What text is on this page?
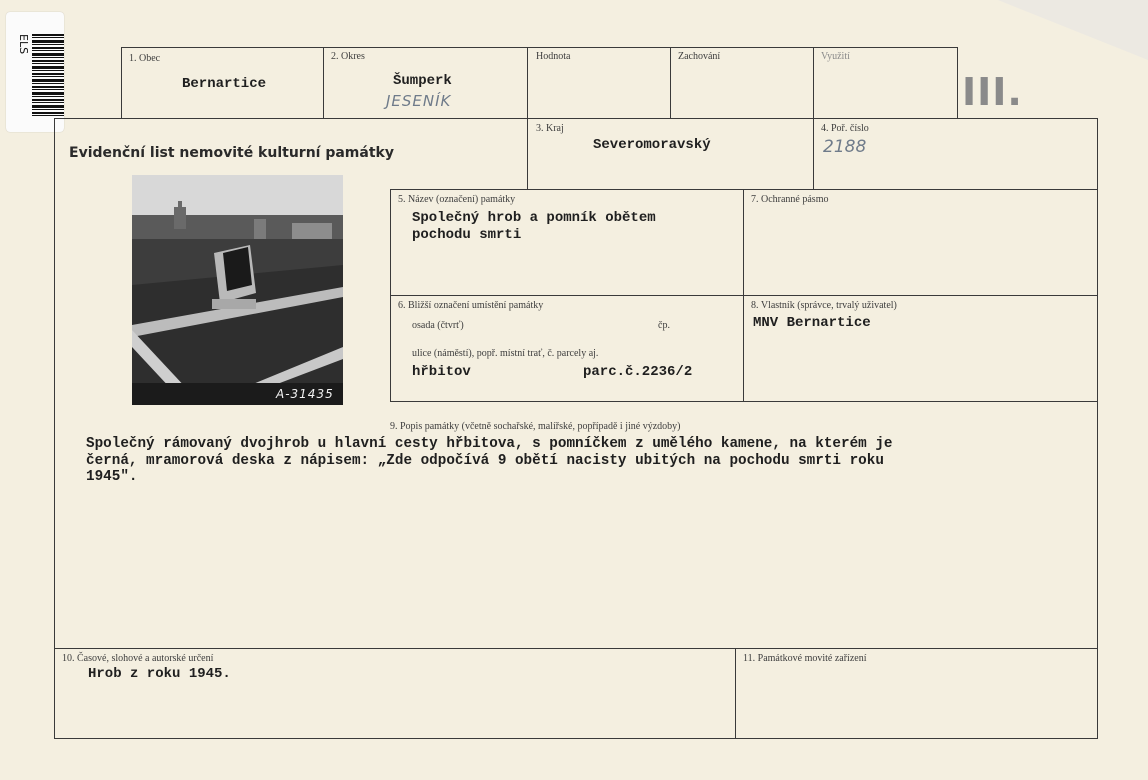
ELS
1. Obec
Bernartice
2. Okres
Šumperk
JESENÍK
Hodnota	Zachování	Využití
III.
Evidenční list nemovité kulturní památky
3. Kraj
Severomoravský
4. Poř. číslo
2188
5. Název (označení) památky
Společný hrob a pomník obětem
pochodu smrti
7. Ochranné pásmo
6. Bližší označení umístění památky
osada (čtvrť)	čp.
ulice (náměstí), popř. místní trať, č. parcely aj.
hřbitov	parc.č.2236/2
8. Vlastník (správce, trvalý uživatel)
MNV Bernartice
A-31435
9. Popis památky (včetně sochařské, malířské, popřípadě i jiné výzdoby)
Společný rámovaný dvojhrob u hlavní cesty hřbitova, s pomníčkem z umělého kamene, na kterém je
černá, mramorová deska z nápisem: „Zde odpočívá 9 obětí nacisty ubitých na pochodu smrti roku
1945".
10. Časové, slohové a autorské určení
Hrob z roku 1945.
11. Památkové movité zařízení
